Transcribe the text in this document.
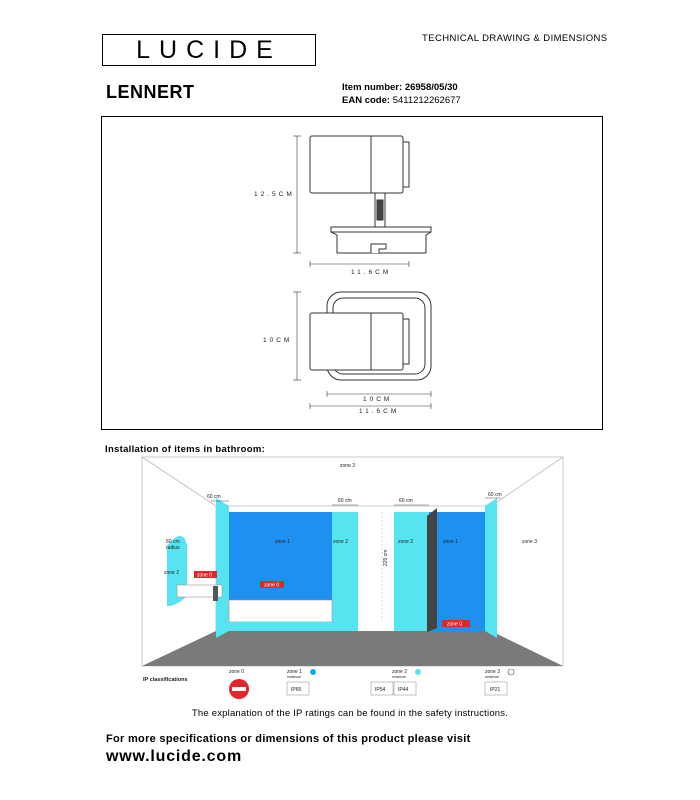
LUCIDE	TECHNICAL DRAWING & DIMENSIONS
LENNERT	Item number: 26958/05/30
EAN code: 5411212262677
12.5CM
11.6CM
10CM
10CM
11.6CM
Installation of items in bathroom:
zone 0
zone 0
60 cm
radius
zone 2
225 cm
zone 0
60 cm
60 cm	60 cm
60 cm
zone 3
zone 1	zone 2	zone 2	zone 1	zone 3
IP classifications
zone 0	zone 1
minimum
IP65
zone 2
minimum
IP54	IP44
zone 3
minimum
IP21
The explanation of the IP ratings can be found in the safety instructions.
For more specifications or dimensions of this product please visit
www.lucide.com
